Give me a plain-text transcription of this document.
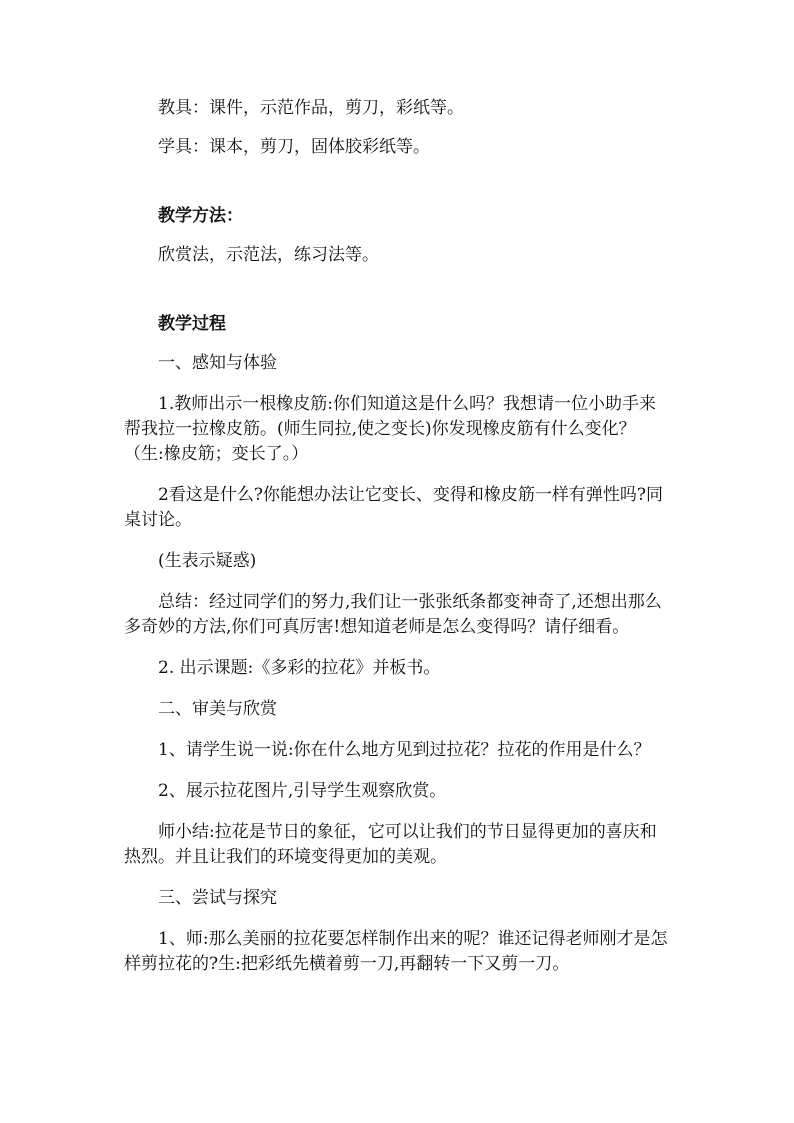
教具：课件，示范作品，剪刀，彩纸等。

学具：课本，剪刀，固体胶彩纸等。

教学方法：

欣赏法，示范法，练习法等。

教学过程

一、感知与体验

1.教师出示一根橡皮筋:你们知道这是什么吗？我想请一位小助手来帮我拉一拉橡皮筋。(师生同拉,使之变长)你发现橡皮筋有什么变化？（生:橡皮筋；变长了。）

2看这是什么?你能想办法让它变长、变得和橡皮筋一样有弹性吗?同桌讨论。

(生表示疑惑)

总结：经过同学们的努力,我们让一张张纸条都变神奇了,还想出那么多奇妙的方法,你们可真厉害!想知道老师是怎么变得吗？请仔细看。

2. 出示课题:《多彩的拉花》并板书。

二、审美与欣赏

1、请学生说一说:你在什么地方见到过拉花？拉花的作用是什么？

2、展示拉花图片,引导学生观察欣赏。

师小结:拉花是节日的象征，它可以让我们的节日显得更加的喜庆和热烈。并且让我们的环境变得更加的美观。

三、尝试与探究

1、师:那么美丽的拉花要怎样制作出来的呢？谁还记得老师刚才是怎样剪拉花的?生:把彩纸先横着剪一刀,再翻转一下又剪一刀。
